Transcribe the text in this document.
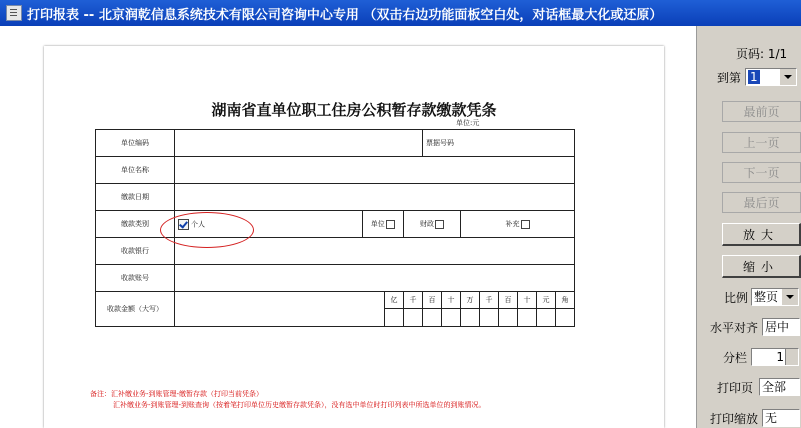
打印报表 -- 北京润乾信息系统技术有限公司咨询中心专用 （双击右边功能面板空白处，对话框最大化或还原）
湖南省直单位职工住房公积暂存款缴款凭条
单位:元
单位编码					票据号码							
单位名称												
缴款日期												
缴款类别	个人	单位		财政			补充					
收款银行												
收款账号												
收款金额（大写）			亿	千	百	十	万	千	百	十	元	角

备注：汇补缴业务-到账管理-缴暂存款（打印当前凭条）
汇补缴业务-到账管理-到账查询（按着笔打印单位历史缴暂存款凭条），没有选中单位时打印列表中所选单位的到账情况。
页码: 1/1
到第 1
最前页
上一页
下一页
最后页
放大
缩小
比例 整页
水平对齐 居中
分栏	1
打印页 全部
打印缩放 无
